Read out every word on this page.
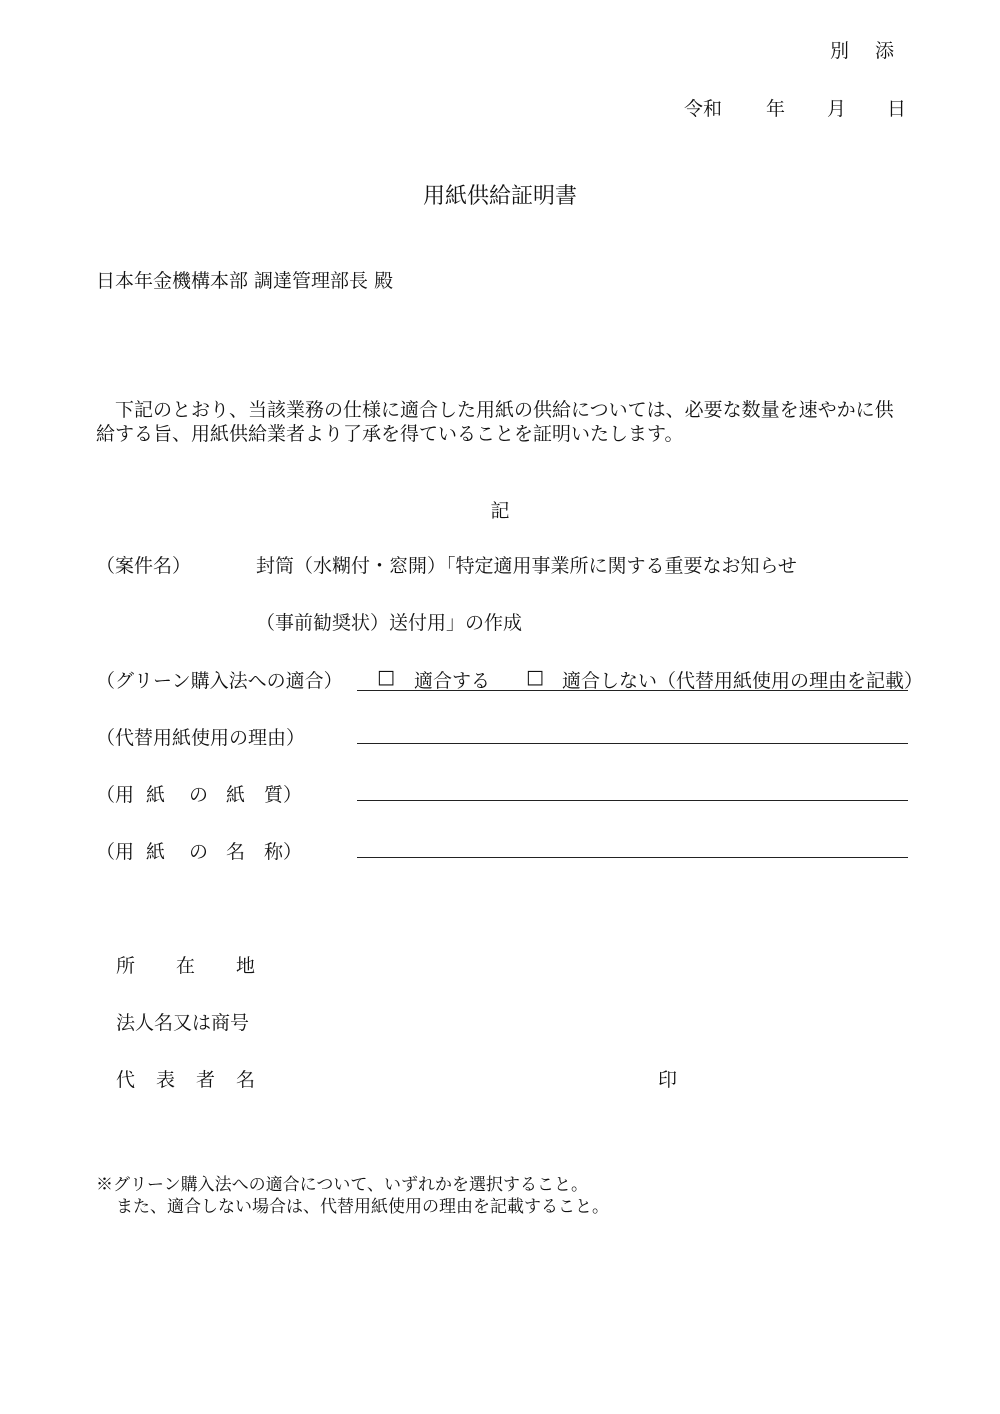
別 添
令和 年 月 日
用紙供給証明書
日本年金機構本部 調達管理部長 殿
下記のとおり、当該業務の仕様に適合した用紙の供給については、必要な数量を速やかに供給する旨、用紙供給業者より了承を得ていることを証明いたします。
記
（案件名）	封筒（水糊付・窓開）「特定適用事業所に関する重要なお知らせ
（事前勧奨状）送付用」の作成
（グリーン購入法への適合） □ 適合する □ 適合しない（代替用紙使用の理由を記載）
（代替用紙使用の理由）
（用 紙 の 紙 質）
（用 紙 の 名 称）
所 在 地
法人名又は商号
代 表 者 名	印
※グリーン購入法への適合について、いずれかを選択すること。
また、適合しない場合は、代替用紙使用の理由を記載すること。
